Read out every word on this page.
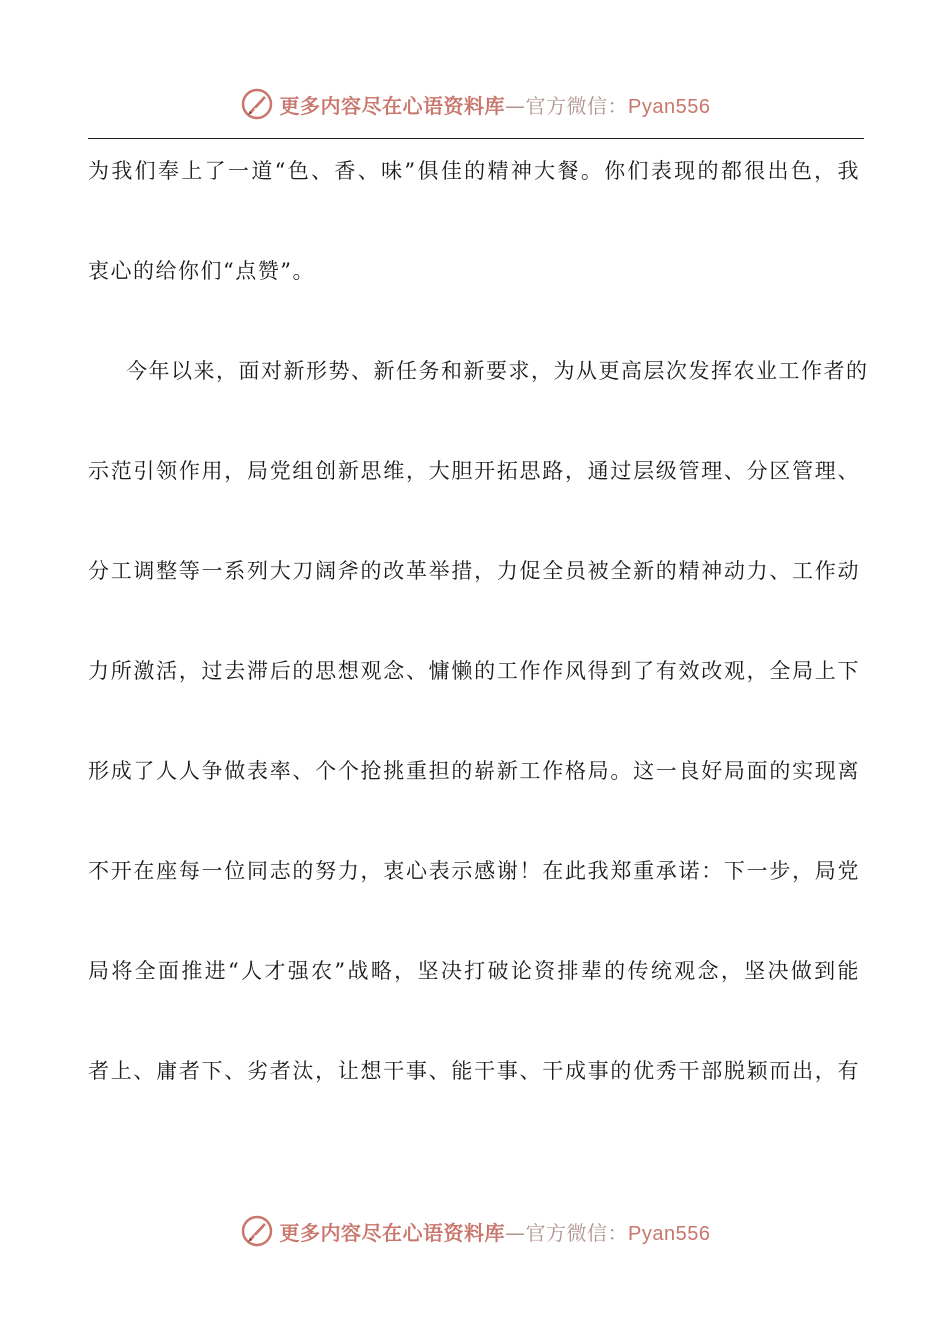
更多内容尽在心语资料库—官方微信：Pyan556
为我们奉上了一道“色、香、味”俱佳的精神大餐。你们表现的都很出色，我
衷心的给你们“点赞”。
今年以来，面对新形势、新任务和新要求，为从更高层次发挥农业工作者的
示范引领作用，局党组创新思维，大胆开拓思路，通过层级管理、分区管理、
分工调整等一系列大刀阔斧的改革举措，力促全员被全新的精神动力、工作动
力所激活，过去滞后的思想观念、慵懒的工作作风得到了有效改观，全局上下
形成了人人争做表率、个个抢挑重担的崭新工作格局。这一良好局面的实现离
不开在座每一位同志的努力，衷心表示感谢！在此我郑重承诺：下一步，局党
局将全面推进“人才强农”战略，坚决打破论资排辈的传统观念，坚决做到能
者上、庸者下、劣者汰，让想干事、能干事、干成事的优秀干部脱颖而出，有
更多内容尽在心语资料库—官方微信：Pyan556
